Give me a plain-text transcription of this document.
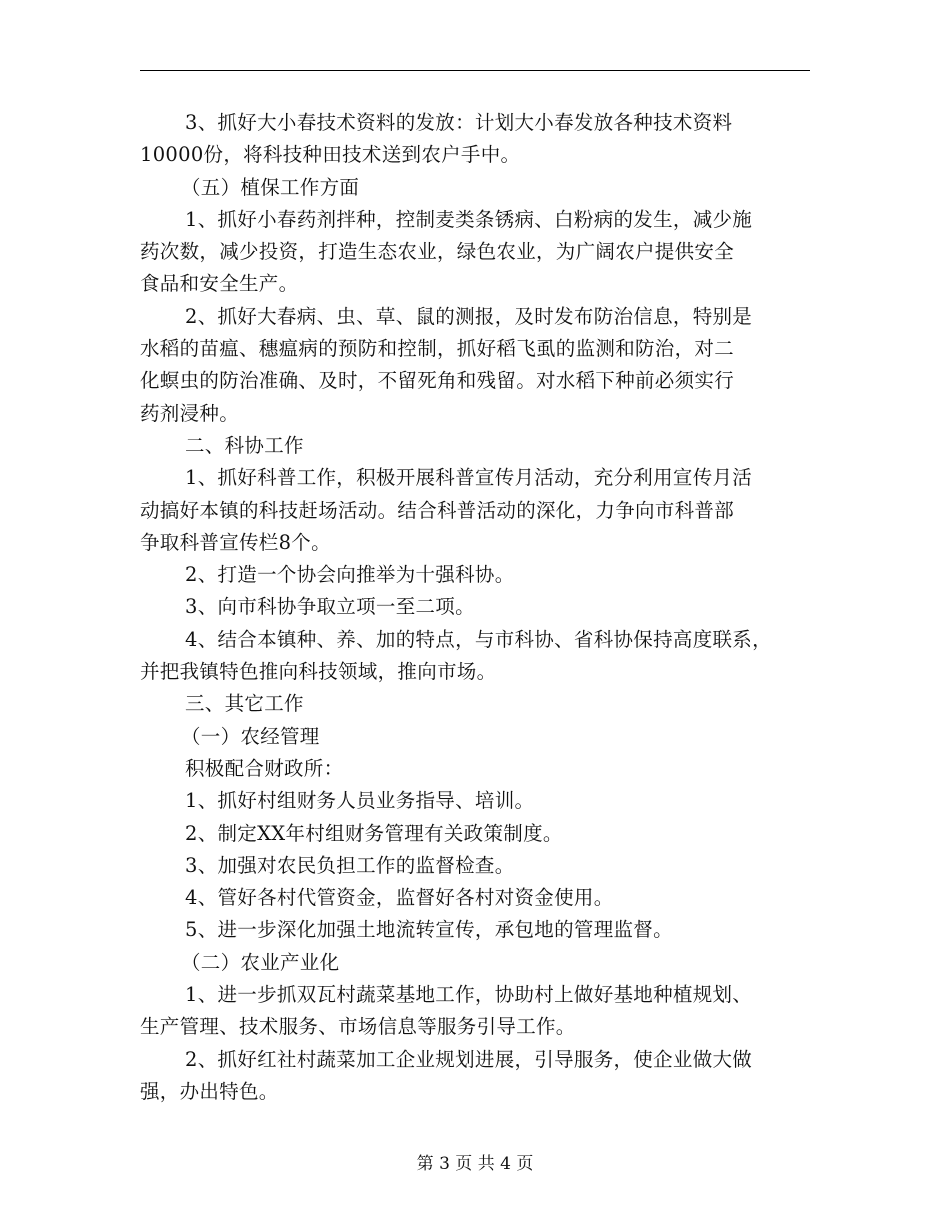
3、抓好大小春技术资料的发放：计划大小春发放各种技术资料
10000份，将科技种田技术送到农户手中。
（五）植保工作方面
1、抓好小春药剂拌种，控制麦类条锈病、白粉病的发生，减少施
药次数，减少投资，打造生态农业，绿色农业，为广阔农户提供安全
食品和安全生产。
2、抓好大春病、虫、草、鼠的测报，及时发布防治信息，特别是
水稻的苗瘟、穗瘟病的预防和控制，抓好稻飞虱的监测和防治，对二
化螟虫的防治准确、及时，不留死角和残留。对水稻下种前必须实行
药剂浸种。
二、科协工作
1、抓好科普工作，积极开展科普宣传月活动，充分利用宣传月活
动搞好本镇的科技赶场活动。结合科普活动的深化，力争向市科普部
争取科普宣传栏8个。
2、打造一个协会向推举为十强科协。
3、向市科协争取立项一至二项。
4、结合本镇种、养、加的特点，与市科协、省科协保持高度联系，
并把我镇特色推向科技领域，推向市场。
三、其它工作
（一）农经管理
积极配合财政所：
1、抓好村组财务人员业务指导、培训。
2、制定XX年村组财务管理有关政策制度。
3、加强对农民负担工作的监督检查。
4、管好各村代管资金，监督好各村对资金使用。
5、进一步深化加强土地流转宣传，承包地的管理监督。
（二）农业产业化
1、进一步抓双瓦村蔬菜基地工作，协助村上做好基地种植规划、
生产管理、技术服务、市场信息等服务引导工作。
2、抓好红社村蔬菜加工企业规划进展，引导服务，使企业做大做
强，办出特色。
第 3 页 共 4 页
